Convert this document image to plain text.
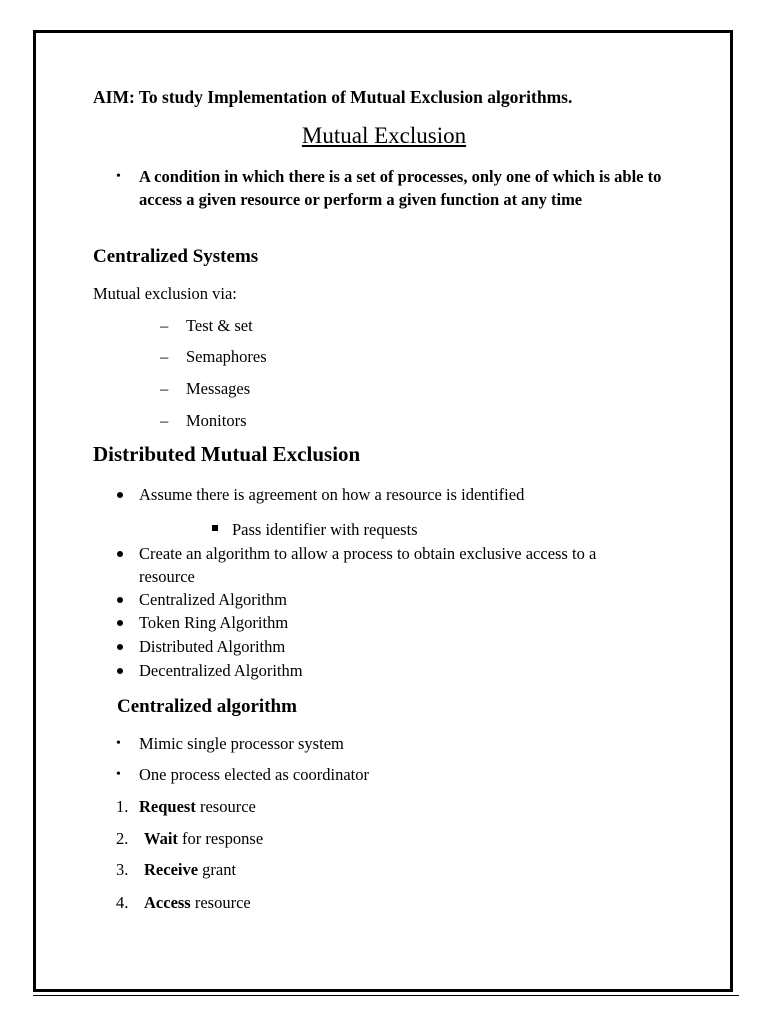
AIM: To study Implementation of Mutual Exclusion algorithms.
Mutual Exclusion
• A condition in which there is a set of processes, only one of which is able to access a given resource or perform a given function at any time
Centralized Systems
Mutual exclusion via:
– Test & set
– Semaphores
– Messages
– Monitors
Distributed Mutual Exclusion
Assume there is agreement on how a resource is identified
Pass identifier with requests
Create an algorithm to allow a process to obtain exclusive access to a
resource
Centralized Algorithm
Token Ring Algorithm
Distributed Algorithm
Decentralized Algorithm
Centralized algorithm
• Mimic single processor system
• One process elected as coordinator
1. Request resource
2. Wait for response
3. Receive grant
4. Access resource
